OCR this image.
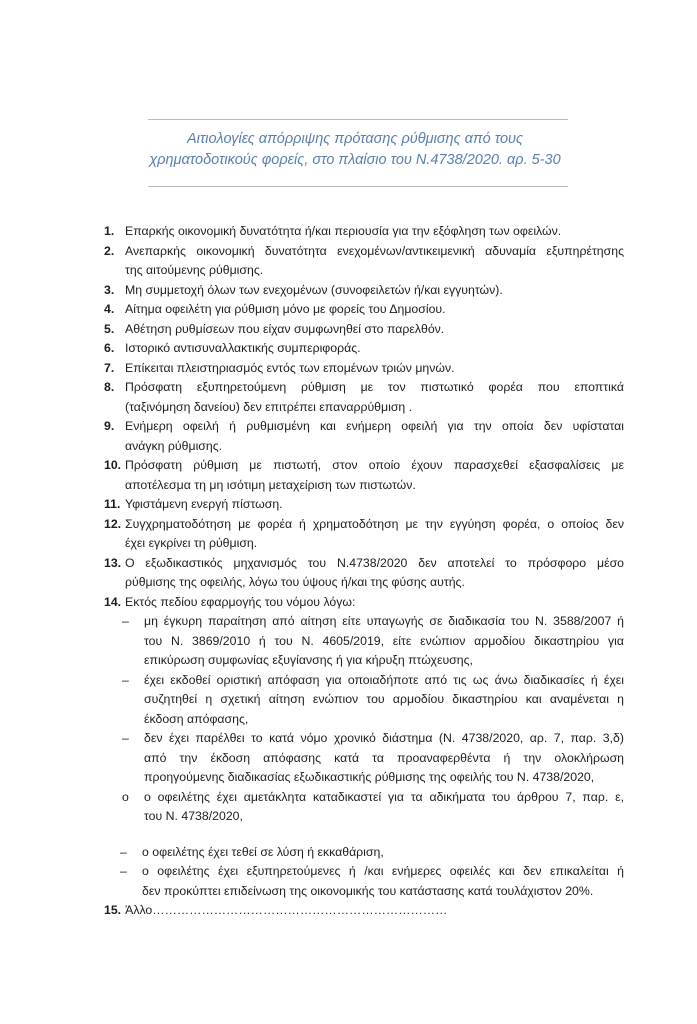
Αιτιολογίες απόρριψης πρότασης ρύθμισης από τους
χρηματοδοτικούς φορείς, στο πλαίσιο του Ν.4738/2020. αρ. 5-30
1. Επαρκής οικονομική δυνατότητα ή/και περιουσία για την εξόφληση των οφειλών.
2. Ανεπαρκής οικονομική δυνατότητα ενεχομένων/αντικειμενική αδυναμία εξυπηρέτησης
της αιτούμενης ρύθμισης.
3. Μη συμμετοχή όλων των ενεχομένων (συνοφειλετών ή/και εγγυητών).
4. Αίτημα οφειλέτη για ρύθμιση μόνο με φορείς του Δημοσίου.
5. Αθέτηση ρυθμίσεων που είχαν συμφωνηθεί στο παρελθόν.
6. Ιστορικό αντισυναλλακτικής συμπεριφοράς.
7. Επίκειται πλειστηριασμός εντός των επομένων τριών μηνών.
8. Πρόσφατη εξυπηρετούμενη ρύθμιση με τον πιστωτικό φορέα που εποπτικά
(ταξινόμηση δανείου) δεν επιτρέπει επαναρρύθμιση .
9. Ενήμερη οφειλή ή ρυθμισμένη και ενήμερη οφειλή για την οποία δεν υφίσταται
ανάγκη ρύθμισης.
10. Πρόσφατη ρύθμιση με πιστωτή, στον οποίο έχουν παρασχεθεί εξασφαλίσεις με
αποτέλεσμα τη μη ισότιμη μεταχείριση των πιστωτών.
11. Υφιστάμενη ενεργή πίστωση.
12. Συγχρηματοδότηση με φορέα ή χρηματοδότηση με την εγγύηση φορέα, ο οποίος δεν
έχει εγκρίνει τη ρύθμιση.
13. Ο εξωδικαστικός μηχανισμός του Ν.4738/2020 δεν αποτελεί το πρόσφορο μέσο
ρύθμισης της οφειλής, λόγω του ύψους ή/και της φύσης αυτής.
14. Εκτός πεδίου εφαρμογής του νόμου λόγω:
– μη έγκυρη παραίτηση από αίτηση είτε υπαγωγής σε διαδικασία του Ν. 3588/2007 ή
του Ν. 3869/2010 ή του Ν. 4605/2019, είτε ενώπιον αρμοδίου δικαστηρίου για
επικύρωση συμφωνίας εξυγίανσης ή για κήρυξη πτώχευσης,
– έχει εκδοθεί οριστική απόφαση για οποιαδήποτε από τις ως άνω διαδικασίες ή έχει
συζητηθεί η σχετική αίτηση ενώπιον του αρμοδίου δικαστηρίου και αναμένεται η
έκδοση απόφασης,
– δεν έχει παρέλθει το κατά νόμο χρονικό διάστημα (Ν. 4738/2020, αρ. 7, παρ. 3,δ)
από την έκδοση απόφασης κατά τα προαναφερθέντα ή την ολοκλήρωση
προηγούμενης διαδικασίας εξωδικαστικής ρύθμισης της οφειλής του Ν. 4738/2020,
o ο οφειλέτης έχει αμετάκλητα καταδικαστεί για τα αδικήματα του άρθρου 7, παρ. ε,
του Ν. 4738/2020,
– ο οφειλέτης έχει τεθεί σε λύση ή εκκαθάριση,
– ο οφειλέτης έχει εξυπηρετούμενες ή /και ενήμερες οφειλές και δεν επικαλείται ή
δεν προκύπτει επιδείνωση της οικονομικής του κατάστασης κατά τουλάχιστον 20%.
15. Άλλο………………………………………………………………
